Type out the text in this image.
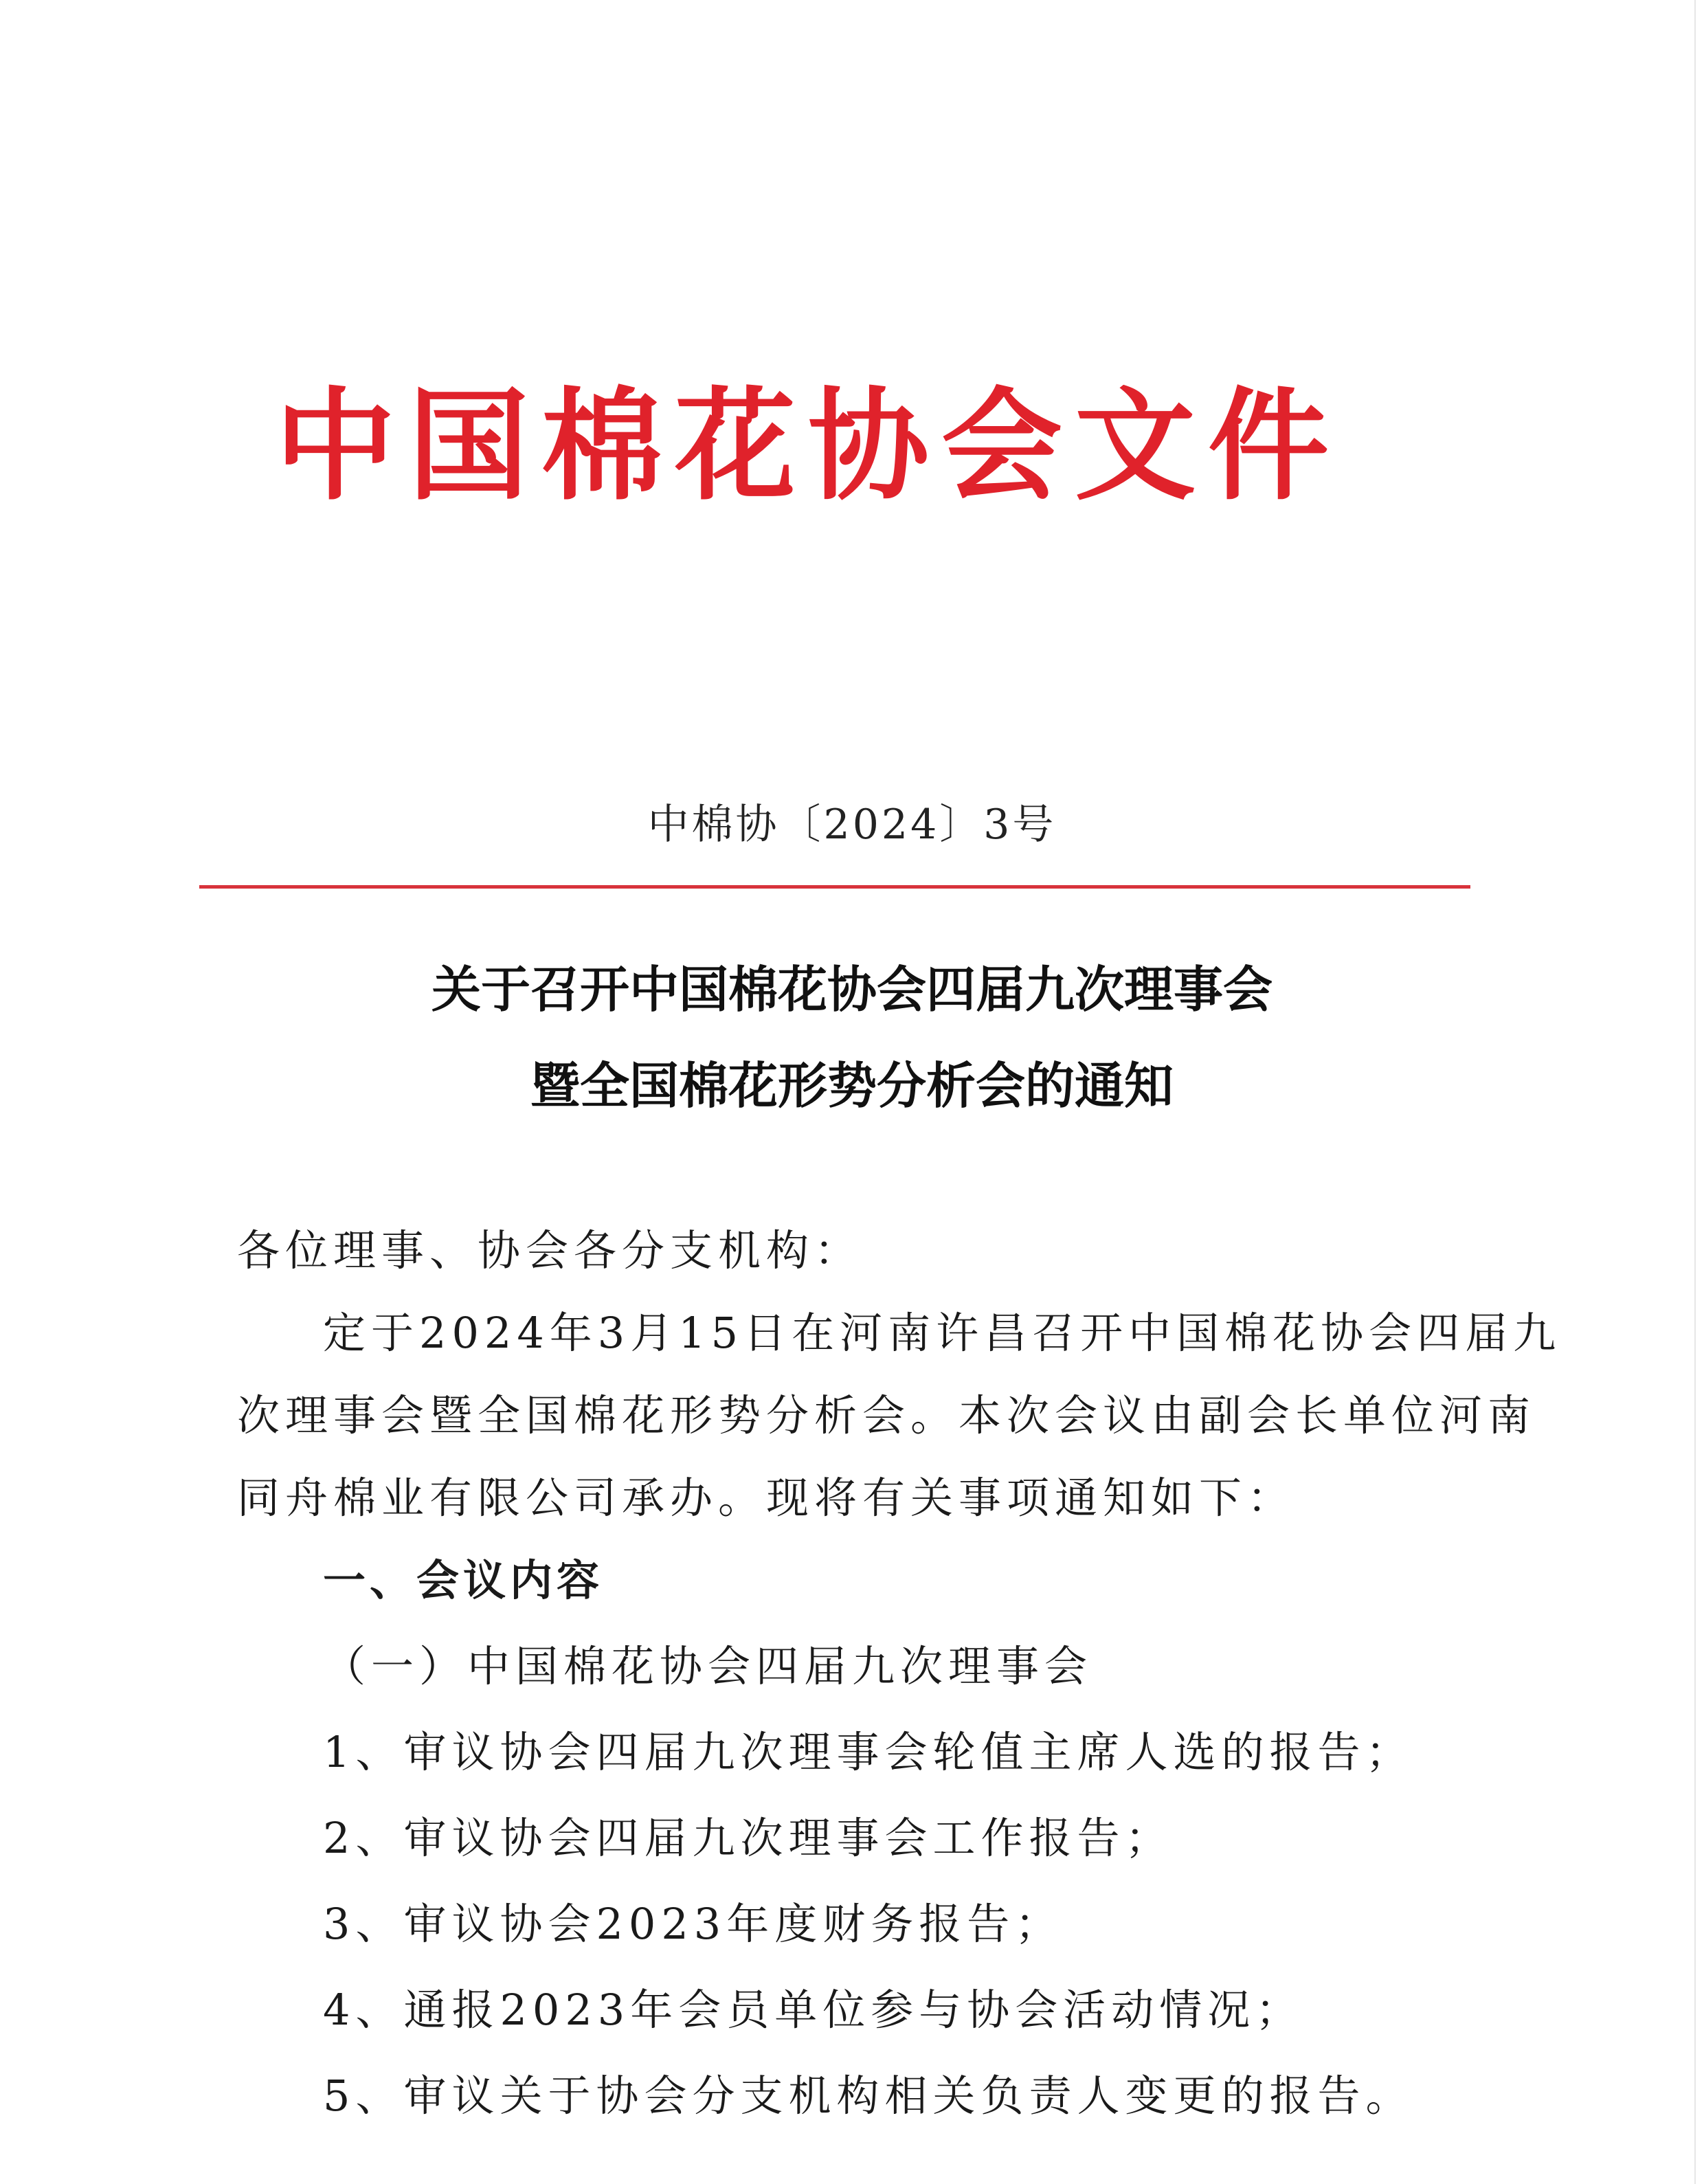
中国棉花协会文件
中棉协〔2024〕3号
关于召开中国棉花协会四届九次理事会
暨全国棉花形势分析会的通知
各位理事、协会各分支机构：
定于2024年3月15日在河南许昌召开中国棉花协会四届九
次理事会暨全国棉花形势分析会。本次会议由副会长单位河南
同舟棉业有限公司承办。现将有关事项通知如下：
一、会议内容
（一）中国棉花协会四届九次理事会
1、审议协会四届九次理事会轮值主席人选的报告；
2、审议协会四届九次理事会工作报告；
3、审议协会2023年度财务报告；
4、通报2023年会员单位参与协会活动情况；
5、审议关于协会分支机构相关负责人变更的报告。
